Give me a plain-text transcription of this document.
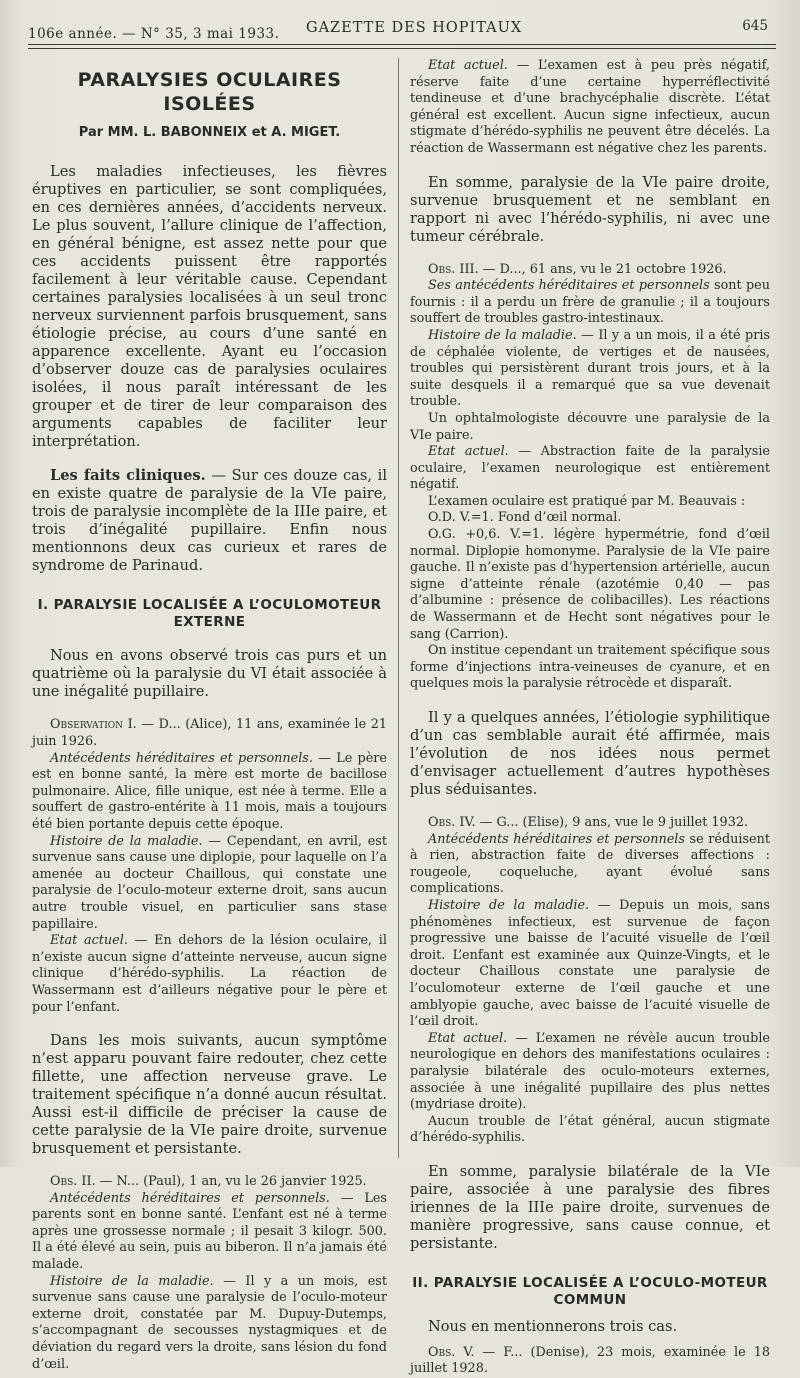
106e année. — N° 35, 3 mai 1933. GAZETTE DES HOPITAUX	645

PARALYSIES OCULAIRES ISOLÉES

Par MM. L. BABONNEIX et A. MIGET.

Les maladies infectieuses, les fièvres éruptives en particulier, se sont compliquées, en ces dernières années, d’accidents nerveux. Le plus souvent, l’allure clinique de l’affection, en général bénigne, est assez nette pour que ces accidents puissent être rapportés facilement à leur véritable cause. Cependant certaines paralysies localisées à un seul tronc nerveux surviennent parfois brusquement, sans étiologie précise, au cours d’une santé en apparence excellente. Ayant eu l’occasion d’observer douze cas de paralysies oculaires isolées, il nous paraît intéressant de les grouper et de tirer de leur comparaison des arguments capables de faciliter leur interprétation.

Les faits cliniques. — Sur ces douze cas, il en existe quatre de paralysie de la VIe paire, trois de paralysie incomplète de la IIIe paire, et trois d’inégalité pupillaire. Enfin nous mentionnons deux cas curieux et rares de syndrome de Parinaud.

I. PARALYSIE LOCALISÉE A L’OCULOMOTEUR EXTERNE

Nous en avons observé trois cas purs et un quatrième où la paralysie du VI était associée à une inégalité pupillaire.

Observation I. — D... (Alice), 11 ans, examinée le 21 juin 1926.

Antécédents héréditaires et personnels. — Le père est en bonne santé, la mère est morte de bacillose pulmonaire. Alice, fille unique, est née à terme. Elle a souffert de gastro-entérite à 11 mois, mais a toujours été bien portante depuis cette époque.

Histoire de la maladie. — Cependant, en avril, est survenue sans cause une diplopie, pour laquelle on l’a amenée au docteur Chaillous, qui constate une paralysie de l’oculo-moteur externe droit, sans aucun autre trouble visuel, en particulier sans stase papillaire.

Etat actuel. — En dehors de la lésion oculaire, il n’existe aucun signe d’atteinte nerveuse, aucun signe clinique d’hérédo-syphilis. La réaction de Wassermann est d’ailleurs négative pour le père et pour l’enfant.

Dans les mois suivants, aucun symptôme n’est apparu pouvant faire redouter, chez cette fillette, une affection nerveuse grave. Le traitement spécifique n’a donné aucun résultat. Aussi est-il difficile de préciser la cause de cette paralysie de la VIe paire droite, survenue brusquement et persistante.

Obs. II. — N... (Paul), 1 an, vu le 26 janvier 1925.

Antécédents héréditaires et personnels. — Les parents sont en bonne santé. L’enfant est né à terme après une grossesse normale ; il pesait 3 kilogr. 500. Il a été élevé au sein, puis au biberon. Il n’a jamais été malade.

Histoire de la maladie. — Il y a un mois, est survenue sans cause une paralysie de l’oculo-moteur externe droit, constatée par M. Dupuy-Dutemps, s’accompagnant de secousses nystagmiques et de déviation du regard vers la droite, sans lésion du fond d’œil.

Etat actuel. — L’examen est à peu près négatif, réserve faite d’une certaine hyperréflectivité tendineuse et d’une brachycéphalie discrète. L’état général est excellent. Aucun signe infectieux, aucun stigmate d’hérédo-syphilis ne peuvent être décelés. La réaction de Wassermann est négative chez les parents.

En somme, paralysie de la VIe paire droite, survenue brusquement et ne semblant en rapport ni avec l’hérédo-syphilis, ni avec une tumeur cérébrale.

Obs. III. — D..., 61 ans, vu le 21 octobre 1926.

Ses antécédents héréditaires et personnels sont peu fournis : il a perdu un frère de granulie ; il a toujours souffert de troubles gastro-intestinaux.

Histoire de la maladie. — Il y a un mois, il a été pris de céphalée violente, de vertiges et de nausées, troubles qui persistèrent durant trois jours, et à la suite desquels il a remarqué que sa vue devenait trouble.

Un ophtalmologiste découvre une paralysie de la VIe paire.

Etat actuel. — Abstraction faite de la paralysie oculaire, l’examen neurologique est entièrement négatif.

L’examen oculaire est pratiqué par M. Beauvais :

O.D. V.=1. Fond d’œil normal.

O.G. +0,6. V.=1. légère hypermétrie, fond d’œil normal. Diplopie homonyme. Paralysie de la VIe paire gauche. Il n’existe pas d’hypertension artérielle, aucun signe d’atteinte rénale (azotémie 0,40 — pas d’albumine : présence de colibacilles). Les réactions de Wassermann et de Hecht sont négatives pour le sang (Carrion).

On institue cependant un traitement spécifique sous forme d’injections intra-veineuses de cyanure, et en quelques mois la paralysie rétrocède et disparaît.

Il y a quelques années, l’étiologie syphilitique d’un cas semblable aurait été affirmée, mais l’évolution de nos idées nous permet d’envisager actuellement d’autres hypothèses plus séduisantes.

Obs. IV. — G... (Elise), 9 ans, vue le 9 juillet 1932.

Antécédents héréditaires et personnels se réduisent à rien, abstraction faite de diverses affections : rougeole, coqueluche, ayant évolué sans complications.

Histoire de la maladie. — Depuis un mois, sans phénomènes infectieux, est survenue de façon progressive une baisse de l’acuité visuelle de l’œil droit. L’enfant est examinée aux Quinze-Vingts, et le docteur Chaillous constate une paralysie de l’oculomoteur externe de l’œil gauche et une amblyopie gauche, avec baisse de l’acuité visuelle de l’œil droit.

Etat actuel. — L’examen ne révèle aucun trouble neurologique en dehors des manifestations oculaires : paralysie bilatérale des oculo-moteurs externes, associée à une inégalité pupillaire des plus nettes (mydriase droite).

Aucun trouble de l’état général, aucun stigmate d’hérédo-syphilis.

En somme, paralysie bilatérale de la VIe paire, associée à une paralysie des fibres iriennes de la IIIe paire droite, survenues de manière progressive, sans cause connue, et persistante.

II. PARALYSIE LOCALISÉE A L’OCULO-MOTEUR

COMMUN

Nous en mentionnerons trois cas.

Obs. V. — F... (Denise), 23 mois, examinée le 18 juillet 1928.
